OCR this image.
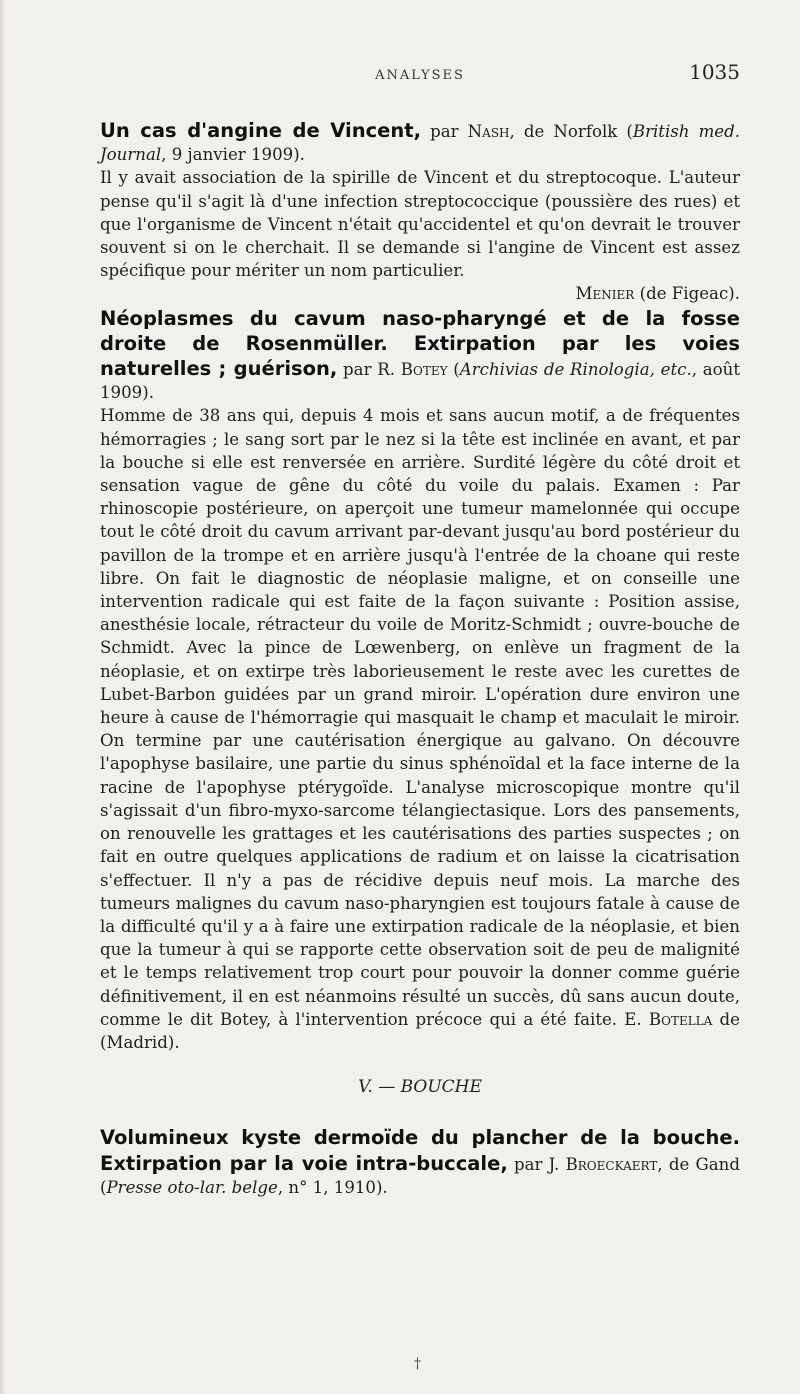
ANALYSES	1035
Un cas d'angine de Vincent, par Nash, de Norfolk (British med. Journal, 9 janvier 1909).

Il y avait association de la spirille de Vincent et du streptocoque. L'auteur pense qu'il s'agit là d'une infection streptococcique (poussière des rues) et que l'organisme de Vincent n'était qu'accidentel et qu'on devrait le trouver souvent si on le cherchait. Il se demande si l'angine de Vincent est assez spécifique pour mériter un nom particulier.

Menier (de Figeac).

Néoplasmes du cavum naso-pharyngé et de la fosse droite de Rosenmüller. Extirpation par les voies naturelles ; guérison, par R. Botey (Archivias de Rinologia, etc., août 1909).

Homme de 38 ans qui, depuis 4 mois et sans aucun motif, a de fréquentes hémorragies ; le sang sort par le nez si la tête est inclinée en avant, et par la bouche si elle est renversée en arrière. Surdité légère du côté droit et sensation vague de gêne du côté du voile du palais. Examen : Par rhinoscopie postérieure, on aperçoit une tumeur mamelonnée qui occupe tout le côté droit du cavum arrivant par-devant jusqu'au bord postérieur du pavillon de la trompe et en arrière jusqu'à l'entrée de la choane qui reste libre. On fait le diagnostic de néoplasie maligne, et on conseille une intervention radicale qui est faite de la façon suivante : Position assise, anesthésie locale, rétracteur du voile de Moritz-Schmidt ; ouvre-bouche de Schmidt. Avec la pince de Lœwenberg, on enlève un fragment de la néoplasie, et on extirpe très laborieusement le reste avec les curettes de Lubet-Barbon guidées par un grand miroir. L'opération dure environ une heure à cause de l'hémorragie qui masquait le champ et maculait le miroir. On termine par une cautérisation énergique au galvano. On découvre l'apophyse basilaire, une partie du sinus sphénoïdal et la face interne de la racine de l'apophyse ptérygoïde. L'analyse microscopique montre qu'il s'agissait d'un fibro-myxo-sarcome télangiectasique. Lors des pansements, on renouvelle les grattages et les cautérisations des parties suspectes ; on fait en outre quelques applications de radium et on laisse la cicatrisation s'effectuer. Il n'y a pas de récidive depuis neuf mois. La marche des tumeurs malignes du cavum naso-pharyngien est toujours fatale à cause de la difficulté qu'il y a à faire une extirpation radicale de la néoplasie, et bien que la tumeur à qui se rapporte cette observation soit de peu de malignité et le temps relativement trop court pour pouvoir la donner comme guérie définitivement, il en est néanmoins résulté un succès, dû sans aucun doute, comme le dit Botey, à l'intervention précoce qui a été faite. E. Botella de (Madrid).

V. — BOUCHE
Volumineux kyste dermoïde du plancher de la bouche. Extirpation par la voie intra-buccale, par J. Broeckaert, de Gand (Presse oto-lar. belge, n° 1, 1910).
†
